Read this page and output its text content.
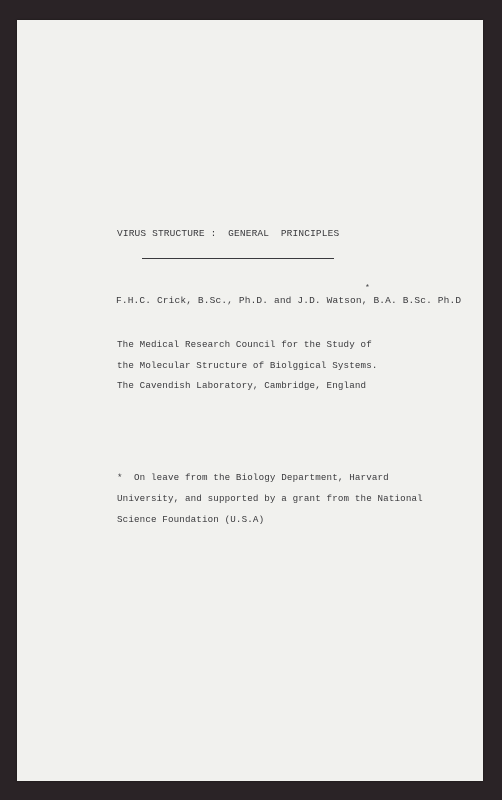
VIRUS STRUCTURE :  GENERAL  PRINCIPLES
*
F.H.C. Crick, B.Sc., Ph.D. and J.D. Watson, B.A. B.Sc. Ph.D
The Medical Research Council for the Study of
the Molecular Structure of Biolggical Systems.
The Cavendish Laboratory, Cambridge, England
*  On leave from the Biology Department, Harvard
University, and supported by a grant from the National
Science Foundation (U.S.A)
